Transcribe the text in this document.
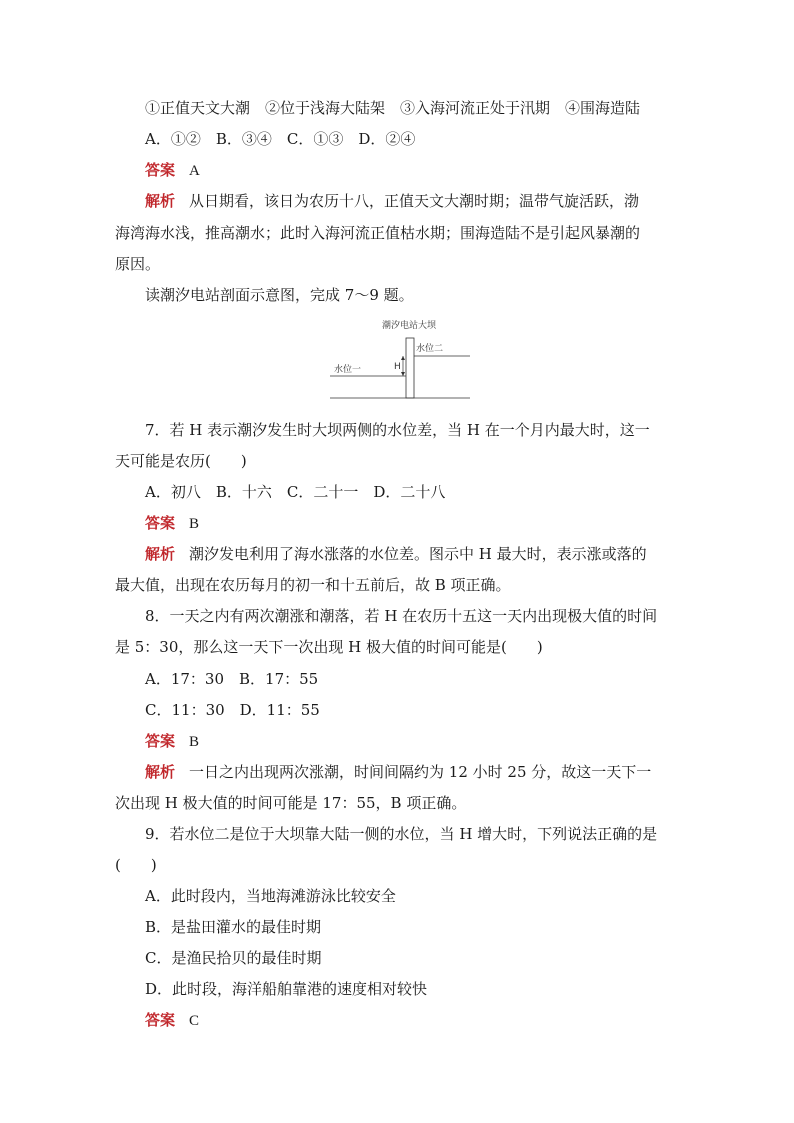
①正值天文大潮　②位于浅海大陆架　③入海河流正处于汛期　④围海造陆
A．①②　B．③④　C．①③　D．②④
答案 A
解析 从日期看，该日为农历十八，正值天文大潮时期；温带气旋活跃，渤
海湾海水浅，推高潮水；此时入海河流正值枯水期；围海造陆不是引起风暴潮的
原因。
读潮汐电站剖面示意图，完成 7～9 题。
潮汐电站大坝
水位二
水位一	H
7．若 H 表示潮汐发生时大坝两侧的水位差，当 H 在一个月内最大时，这一
天可能是农历(　　)
A．初八　B．十六　C．二十一　D．二十八
答案 B
解析 潮汐发电利用了海水涨落的水位差。图示中 H 最大时，表示涨或落的
最大值，出现在农历每月的初一和十五前后，故 B 项正确。
8．一天之内有两次潮涨和潮落，若 H 在农历十五这一天内出现极大值的时间
是 5：30，那么这一天下一次出现 H 极大值的时间可能是(　　)
A．17：30　B．17：55
C．11：30　D．11：55
答案 B
解析 一日之内出现两次涨潮，时间间隔约为 12 小时 25 分，故这一天下一
次出现 H 极大值的时间可能是 17：55，B 项正确。
9．若水位二是位于大坝靠大陆一侧的水位，当 H 增大时，下列说法正确的是
(　　)
A．此时段内，当地海滩游泳比较安全
B．是盐田灌水的最佳时期
C．是渔民拾贝的最佳时期
D．此时段，海洋船舶靠港的速度相对较快
答案 C
